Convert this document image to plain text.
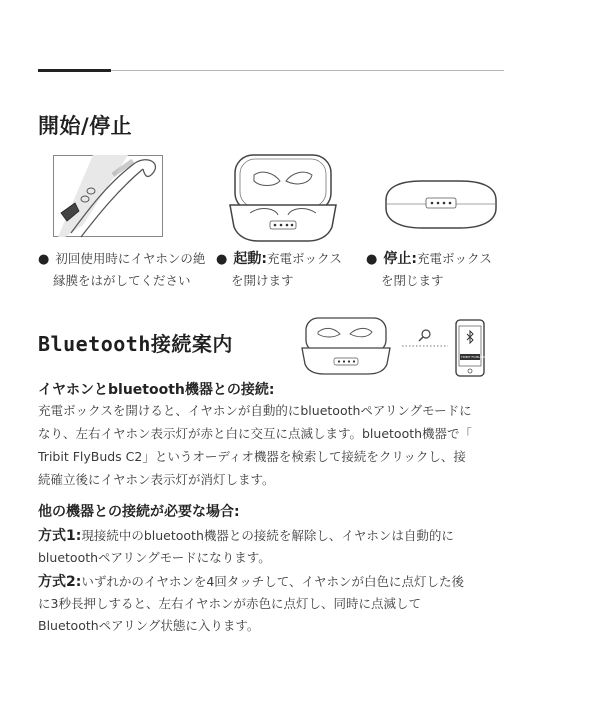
開始/停止
● 初回使用時にイヤホンの絶
縁膜をはがしてください
● 起動:充電ボックス
を開けます
● 停止:充電ボックス
を閉じます
Bluetooth接続案内
TRIBIT FLYBUDS C2
イヤホンとbluetooth機器との接続:
充電ボックスを開けると、イヤホンが自動的にbluetoothペアリングモードに
なり、左右イヤホン表示灯が赤と白に交互に点滅します。bluetooth機器で「
Tribit FlyBuds C2」というオーディオ機器を検索して接続をクリックし、接
続確立後にイヤホン表示灯が消灯します。
他の機器との接続が必要な場合:
方式1:現接続中のbluetooth機器との接続を解除し、イヤホンは自動的に
bluetoothペアリングモードになります。
方式2:いずれかのイヤホンを4回タッチして、イヤホンが白色に点灯した後
に3秒長押しすると、左右イヤホンが赤色に点灯し、同時に点滅して
Bluetoothペアリング状態に入ります。
